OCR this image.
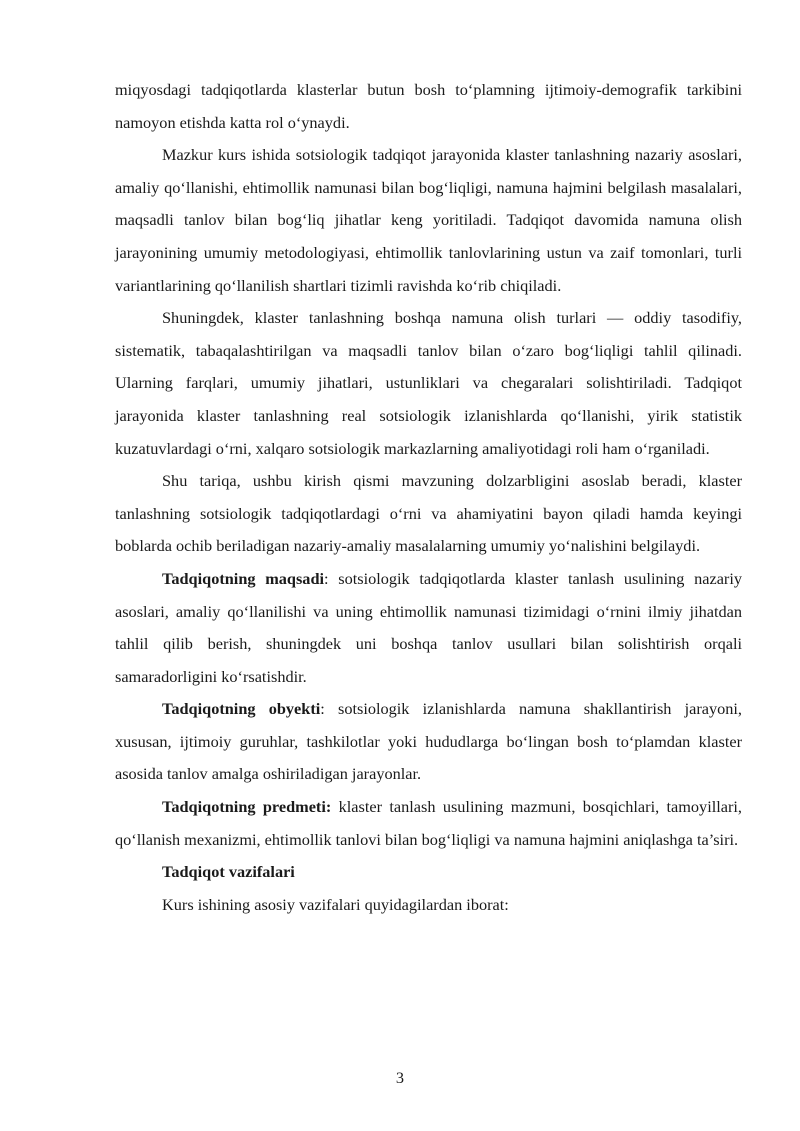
miqyosdagi tadqiqotlarda klasterlar butun bosh to‘plamning ijtimoiy-demografik tarkibini namoyon etishda katta rol o‘ynaydi.

Mazkur kurs ishida sotsiologik tadqiqot jarayonida klaster tanlashning nazariy asoslari, amaliy qo‘llanishi, ehtimollik namunasi bilan bog‘liqligi, namuna hajmini belgilash masalalari, maqsadli tanlov bilan bog‘liq jihatlar keng yoritiladi. Tadqiqot davomida namuna olish jarayonining umumiy metodologiyasi, ehtimollik tanlovlarining ustun va zaif tomonlari, turli variantlarining qo‘llanilish shartlari tizimli ravishda ko‘rib chiqiladi.

Shuningdek, klaster tanlashning boshqa namuna olish turlari — oddiy tasodifiy, sistematik, tabaqalashtirilgan va maqsadli tanlov bilan o‘zaro bog‘liqligi tahlil qilinadi. Ularning farqlari, umumiy jihatlari, ustunliklari va chegaralari solishtiriladi. Tadqiqot jarayonida klaster tanlashning real sotsiologik izlanishlarda qo‘llanishi, yirik statistik kuzatuvlardagi o‘rni, xalqaro sotsiologik markazlarning amaliyotidagi roli ham o‘rganiladi.

Shu tariqa, ushbu kirish qismi mavzuning dolzarbligini asoslab beradi, klaster tanlashning sotsiologik tadqiqotlardagi o‘rni va ahamiyatini bayon qiladi hamda keyingi boblarda ochib beriladigan nazariy-amaliy masalalarning umumiy yo‘nalishini belgilaydi.

Tadqiqotning maqsadi: sotsiologik tadqiqotlarda klaster tanlash usulining nazariy asoslari, amaliy qo‘llanilishi va uning ehtimollik namunasi tizimidagi o‘rnini ilmiy jihatdan tahlil qilib berish, shuningdek uni boshqa tanlov usullari bilan solishtirish orqali samaradorligini ko‘rsatishdir.

Tadqiqotning obyekti: sotsiologik izlanishlarda namuna shakllantirish jarayoni, xususan, ijtimoiy guruhlar, tashkilotlar yoki hududlarga bo‘lingan bosh to‘plamdan klaster asosida tanlov amalga oshiriladigan jarayonlar.

Tadqiqotning predmeti: klaster tanlash usulining mazmuni, bosqichlari, tamoyillari, qo‘llanish mexanizmi, ehtimollik tanlovi bilan bog‘liqligi va namuna hajmini aniqlashga ta’siri.

Tadqiqot vazifalari

Kurs ishining asosiy vazifalari quyidagilardan iborat:

3
